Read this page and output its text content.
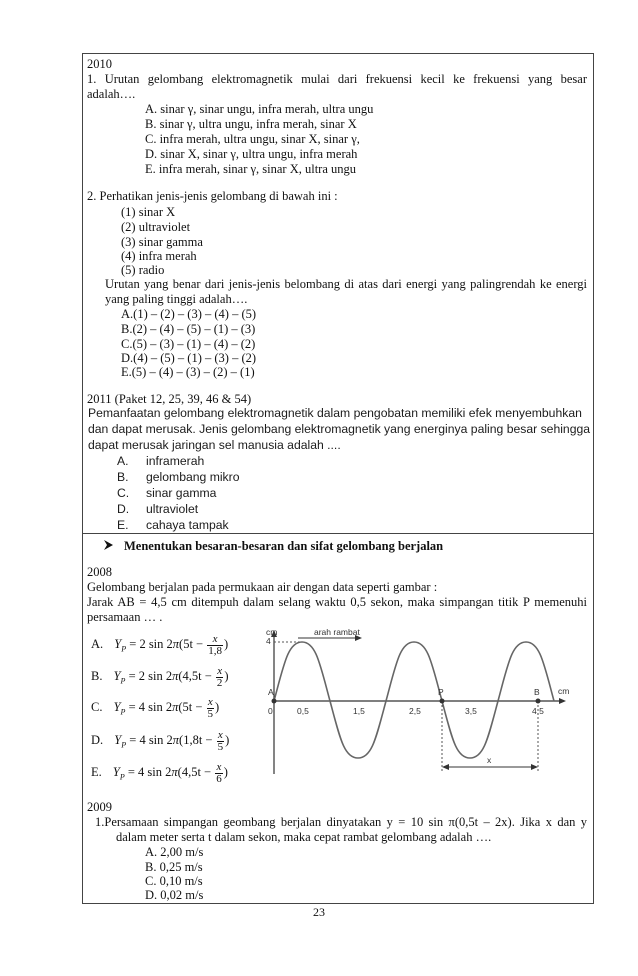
2010
1. Urutan gelombang elektromagnetik mulai dari frekuensi kecil ke frekuensi yang besar
adalah….
A. sinar γ, sinar ungu, infra merah, ultra ungu
B. sinar γ, ultra ungu, infra merah, sinar X
C. infra merah, ultra ungu, sinar X, sinar γ,
D. sinar X, sinar γ, ultra ungu, infra merah
E. infra merah, sinar γ, sinar X, ultra ungu
2. Perhatikan jenis-jenis gelombang di bawah ini :
(1) sinar X
(2) ultraviolet
(3) sinar gamma
(4) infra merah
(5) radio
Urutan yang benar dari jenis-jenis belombang di atas dari energi yang palingrendah ke energi
yang paling tinggi adalah….
A.(1) – (2) – (3) – (4) – (5)
B.(2) – (4) – (5) – (1) – (3)
C.(5) – (3) – (1) – (4) – (2)
D.(4) – (5) – (1) – (3) – (2)
E.(5) – (4) – (3) – (2) – (1)
2011 (Paket 12, 25, 39, 46 & 54)
Pemanfaatan gelombang elektromagnetik dalam pengobatan memiliki efek menyembuhkan
dan dapat merusak. Jenis gelombang elektromagnetik yang energinya paling besar sehingga
dapat merusak jaringan sel manusia adalah ....
A. inframerah
B. gelombang mikro
C. sinar gamma
D. ultraviolet
E. cahaya tampak
Menentukan besaran-besaran dan sifat gelombang berjalan
2008
Gelombang berjalan pada permukaan air dengan data seperti gambar :
Jarak AB = 4,5 cm ditempuh dalam selang waktu 0,5 sekon, maka simpangan titik P memenuhi
persamaan … .
A. $Y_P = 2$ $\sin 2\pi(5t - \frac{x}{1,8}$ )
B. $Y_P = 2$ $\sin 2\pi(4,5t - \frac{x}{2}$ )
C. $Y_P = 4$ $\sin 2\pi(5t - \frac{x}{5}$ )
D. $Y_P = 4$ $\sin 2\pi(1,8t - \frac{x}{5}$ )
E. $Y_P = 4$ $\sin 2\pi(4,5t - \frac{x}{6}$ )
cm	arah rambat
4
A
0
P	B
0,5	1,5	2,5	3,5	4,5
cm
x
2009
1.Persamaan simpangan geombang berjalan dinyatakan y = 10 sin π(0,5t – 2x). Jika x dan y
dalam meter serta t dalam sekon, maka cepat rambat gelombang adalah ….
A. 2,00 m/s
B. 0,25 m/s
C. 0,10 m/s
D. 0,02 m/s
23
